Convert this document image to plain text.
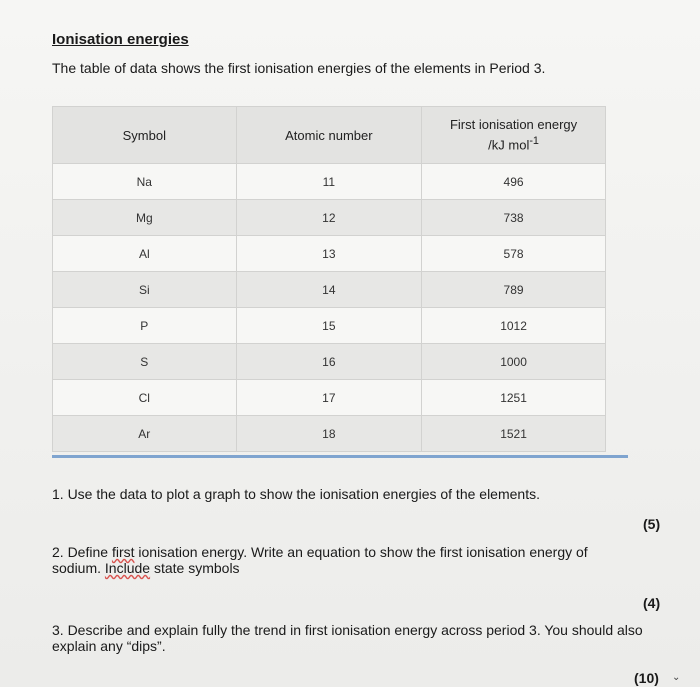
Ionisation energies

The table of data shows the first ionisation energies of the elements in Period 3.

Symbol	Atomic number	First ionisation energy
/kJ mol$^{-1}$
Na	11	496
Mg	12	738
Al	13	578
Si	14	789
P	15	1012
S	16	1000
Cl	17	1251
Ar	18	1521

1. Use the data to plot a graph to show the ionisation energies of the elements.

(5)

2. Define first ionisation energy. Write an equation to show the first ionisation energy of sodium. Include state symbols

(4)

3. Describe and explain fully the trend in first ionisation energy across period 3. You should also explain any “dips”.

(10) ⌄
